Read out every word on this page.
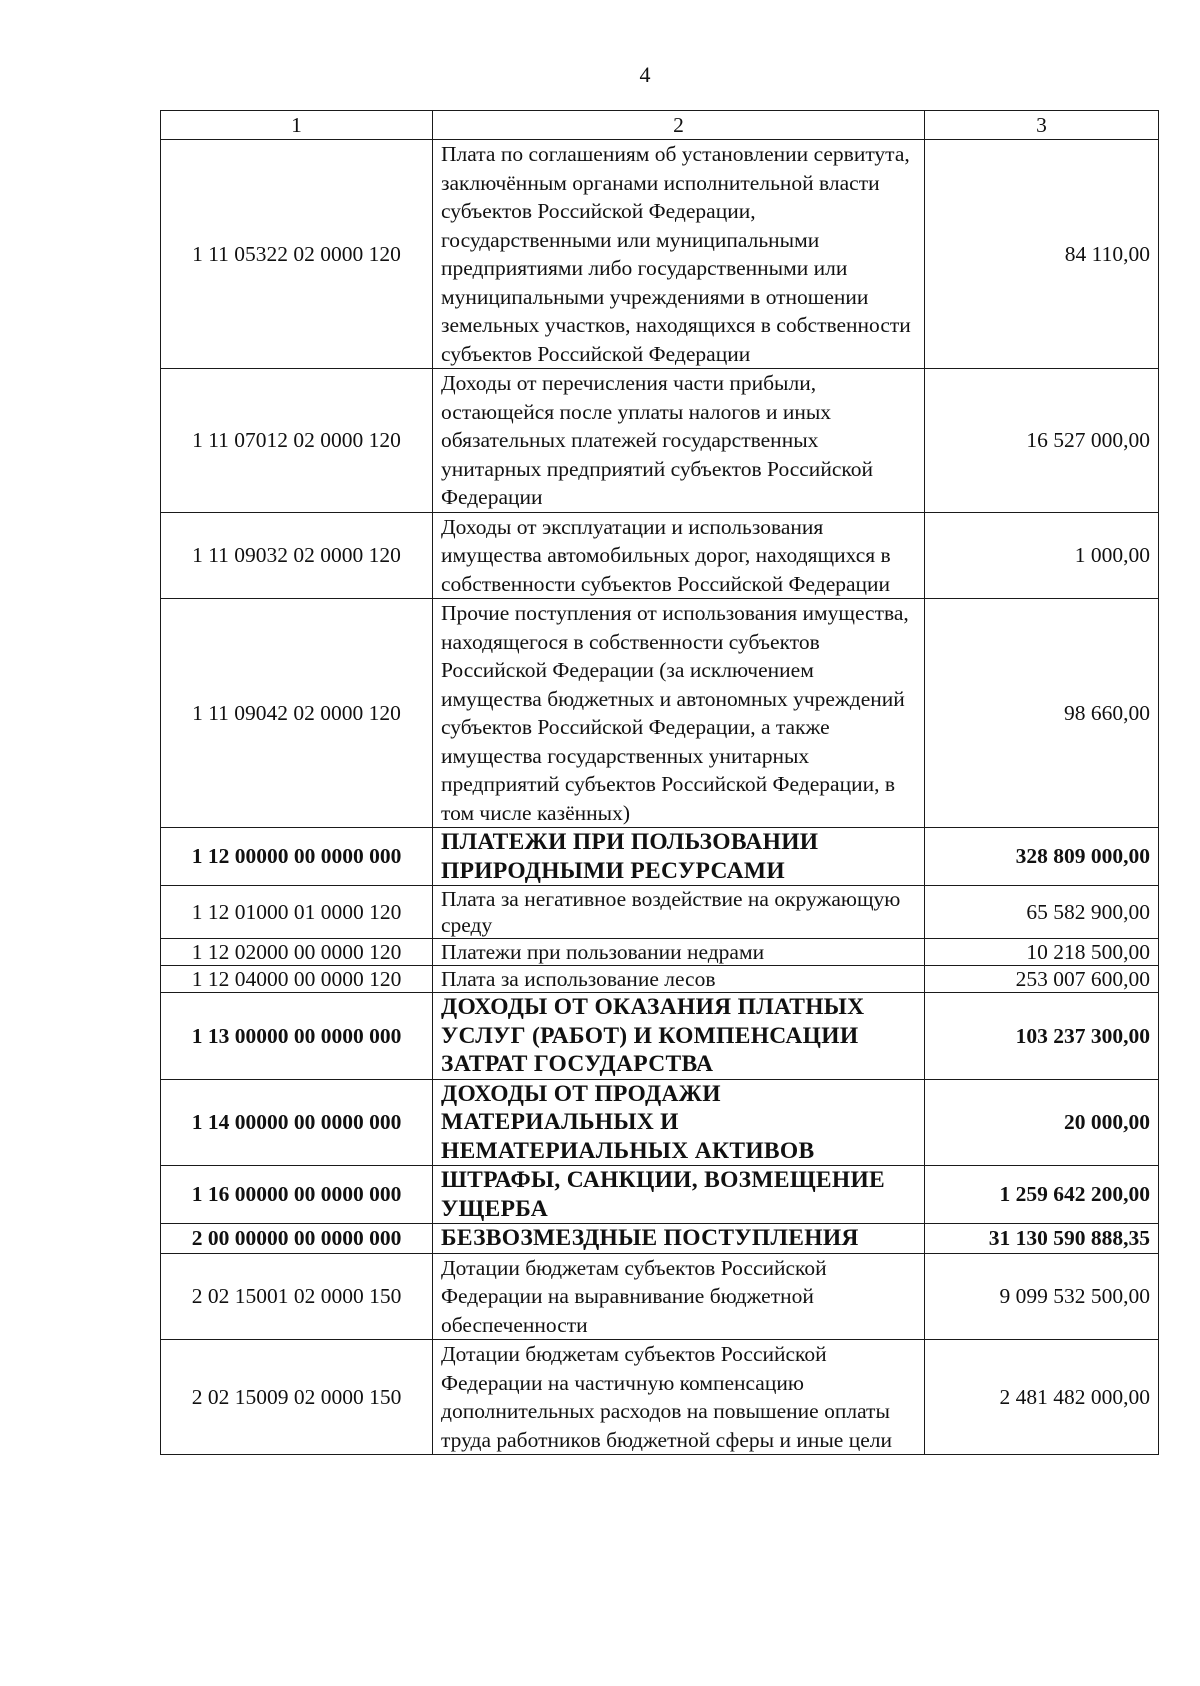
4
1	2	3
1 11 05322 02 0000 120	Плата по соглашениям об установлении сервитута, заключённым органами исполнительной власти субъектов Российской Федерации, государственными или муниципальными предприятиями либо государственными или муниципальными учреждениями в отношении земельных участков, находящихся в собственности субъектов Российской Федерации	84 110,00
1 11 07012 02 0000 120	Доходы от перечисления части прибыли, остающейся после уплаты налогов и иных обязательных платежей государственных унитарных предприятий субъектов Российской Федерации	16 527 000,00
1 11 09032 02 0000 120	Доходы от эксплуатации и использования имущества автомобильных дорог, находящихся в собственности субъектов Российской Федерации	1 000,00
1 11 09042 02 0000 120	Прочие поступления от использования имущества, находящегося в собственности субъектов Российской Федерации (за исключением имущества бюджетных и автономных учреждений субъектов Российской Федерации, а также имущества государственных унитарных предприятий субъектов Российской Федерации, в том числе казённых)	98 660,00
1 12 00000 00 0000 000	ПЛАТЕЖИ ПРИ ПОЛЬЗОВАНИИ ПРИРОДНЫМИ РЕСУРСАМИ	328 809 000,00
1 12 01000 01 0000 120	Плата за негативное воздействие на окружающую среду	65 582 900,00
1 12 02000 00 0000 120	Платежи при пользовании недрами	10 218 500,00
1 12 04000 00 0000 120	Плата за использование лесов	253 007 600,00
1 13 00000 00 0000 000	ДОХОДЫ ОТ ОКАЗАНИЯ ПЛАТНЫХ УСЛУГ (РАБОТ) И КОМПЕНСАЦИИ ЗАТРАТ ГОСУДАРСТВА	103 237 300,00
1 14 00000 00 0000 000	ДОХОДЫ ОТ ПРОДАЖИ МАТЕРИАЛЬНЫХ И НЕМАТЕРИАЛЬНЫХ АКТИВОВ	20 000,00
1 16 00000 00 0000 000	ШТРАФЫ, САНКЦИИ, ВОЗМЕЩЕНИЕ УЩЕРБА	1 259 642 200,00
2 00 00000 00 0000 000	БЕЗВОЗМЕЗДНЫЕ ПОСТУПЛЕНИЯ	31 130 590 888,35
2 02 15001 02 0000 150	Дотации бюджетам субъектов Российской Федерации на выравнивание бюджетной обеспеченности	9 099 532 500,00
2 02 15009 02 0000 150	Дотации бюджетам субъектов Российской Федерации на частичную компенсацию дополнительных расходов на повышение оплаты труда работников бюджетной сферы и иные цели	2 481 482 000,00
